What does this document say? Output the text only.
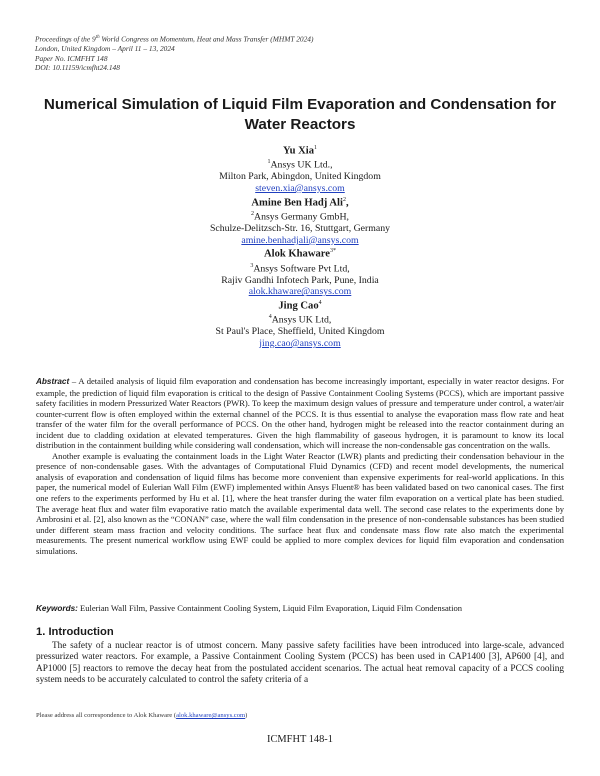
Proceedings of the 9th World Congress on Momentum, Heat and Mass Transfer (MHMT 2024)
London, United Kingdom – April 11 – 13, 2024
Paper No. ICMFHT 148
DOI: 10.11159/icmfht24.148
Numerical Simulation of Liquid Film Evaporation and Condensation for Water Reactors
Yu Xia$^1$
$^1$Ansys UK Ltd.,
Milton Park, Abingdon, United Kingdom
steven.xia@ansys.com
Amine Ben Hadj Ali$^2$,
$^2$Ansys Germany GmbH,
Schulze-Delitzsch-Str. 16, Stuttgart, Germany
amine.benhadjali@ansys.com
Alok Khaware$^{3*}$
$^3$Ansys Software Pvt Ltd,
Rajiv Gandhi Infotech Park, Pune, India
alok.khaware@ansys.com
Jing Cao$^4$
$^4$Ansys UK Ltd,
St Paul's Place, Sheffield, United Kingdom
jing.cao@ansys.com

Abstract – A detailed analysis of liquid film evaporation and condensation has become increasingly important, especially in water reactor designs. For example, the prediction of liquid film evaporation is critical to the design of Passive Containment Cooling Systems (PCCS), which are important passive safety facilities in modern Pressurized Water Reactors (PWR). To keep the maximum design values of pressure and temperature under control, a water/air counter-current flow is often employed within the external channel of the PCCS. It is thus essential to analyse the evaporation mass flow rate and heat transfer of the water film for the overall performance of PCCS. On the other hand, hydrogen might be released into the reactor containment during an incident due to cladding oxidation at elevated temperatures. Given the high flammability of gaseous hydrogen, it is paramount to know its local distribution in the containment building while considering wall condensation, which will increase the non-condensable gas concentration on the walls.

Another example is evaluating the containment loads in the Light Water Reactor (LWR) plants and predicting their condensation behaviour in the presence of non-condensable gases. With the advantages of Computational Fluid Dynamics (CFD) and recent model developments, the numerical analysis of evaporation and condensation of liquid films has become more convenient than expensive experiments for real-world applications. In this paper, the numerical model of Eulerian Wall Film (EWF) implemented within Ansys Fluent® has been validated based on two canonical cases. The first one refers to the experiments performed by Hu et al. [1], where the heat transfer during the water film evaporation on a vertical plate has been studied. The average heat flux and water film evaporative ratio match the available experimental data well. The second case relates to the experiments done by Ambrosini et al. [2], also known as the “CONAN” case, where the wall film condensation in the presence of non-condensable substances has been studied under different steam mass fraction and velocity conditions. The surface heat flux and condensate mass flow rate also match the experimental measurements. The present numerical workflow using EWF could be applied to more complex devices for liquid film evaporation and condensation simulations.

Keywords: Eulerian Wall Film, Passive Containment Cooling System, Liquid Film Evaporation, Liquid Film Condensation
1. Introduction
The safety of a nuclear reactor is of utmost concern. Many passive safety facilities have been introduced into large-scale, advanced pressurized water reactors. For example, a Passive Containment Cooling System (PCCS) has been used in CAP1400 [3], AP600 [4], and AP1000 [5] reactors to remove the decay heat from the postulated accident scenarios. The actual heat removal capacity of a PCCS cooling system needs to be accurately calculated to control the safety criteria of a
Please address all correspondence to Alok Khaware (alok.khaware@ansys.com)
ICMFHT 148-1
